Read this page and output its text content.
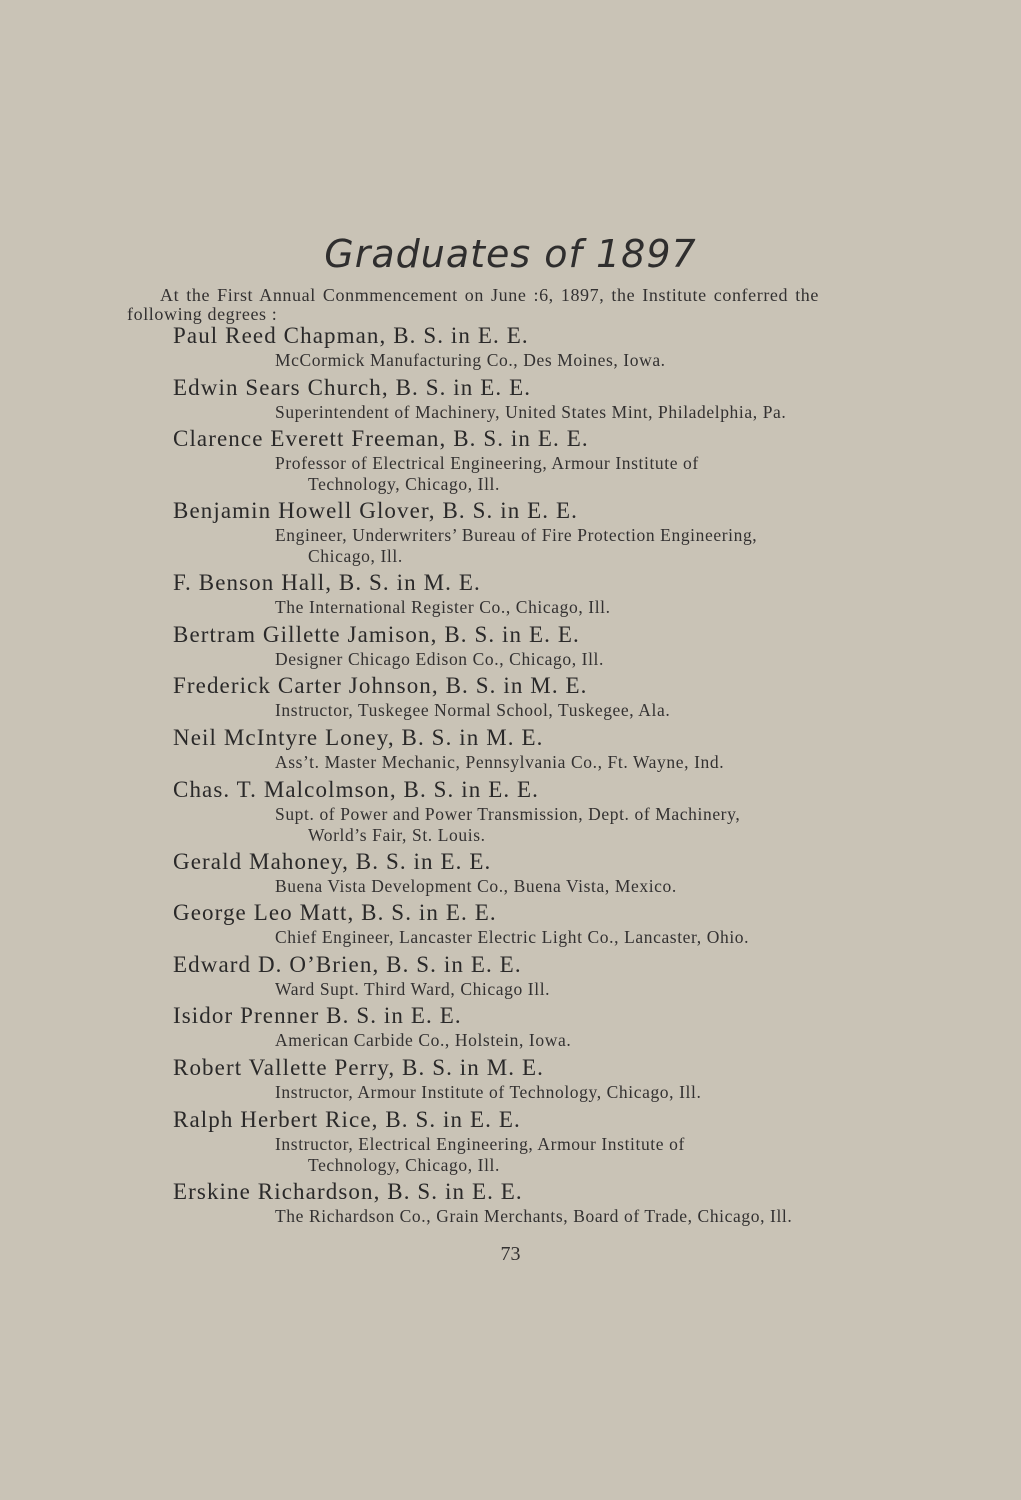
Graduates of 1897
At the First Annual Conmmencement on June :6, 1897, the Institute conferred the following degrees :
Paul Reed Chapman, B. S. in E. E.
McCormick Manufacturing Co., Des Moines, Iowa.
Edwin Sears Church, B. S. in E. E.
Superintendent of Machinery, United States Mint, Philadelphia, Pa.
Clarence Everett Freeman, B. S. in E. E.
Professor of Electrical Engineering, Armour Institute of
Technology, Chicago, Ill.
Benjamin Howell Glover, B. S. in E. E.
Engineer, Underwriters’ Bureau of Fire Protection Engineering,
Chicago, Ill.
F. Benson Hall, B. S. in M. E.
The International Register Co., Chicago, Ill.
Bertram Gillette Jamison, B. S. in E. E.
Designer Chicago Edison Co., Chicago, Ill.
Frederick Carter Johnson, B. S. in M. E.
Instructor, Tuskegee Normal School, Tuskegee, Ala.
Neil McIntyre Loney, B. S. in M. E.
Ass’t. Master Mechanic, Pennsylvania Co., Ft. Wayne, Ind.
Chas. T. Malcolmson, B. S. in E. E.
Supt. of Power and Power Transmission, Dept. of Machinery,
World’s Fair, St. Louis.
Gerald Mahoney, B. S. in E. E.
Buena Vista Development Co., Buena Vista, Mexico.
George Leo Matt, B. S. in E. E.
Chief Engineer, Lancaster Electric Light Co., Lancaster, Ohio.
Edward D. O’Brien, B. S. in E. E.
Ward Supt. Third Ward, Chicago Ill.
Isidor Prenner B. S. in E. E.
American Carbide Co., Holstein, Iowa.
Robert Vallette Perry, B. S. in M. E.
Instructor, Armour Institute of Technology, Chicago, Ill.
Ralph Herbert Rice, B. S. in E. E.
Instructor, Electrical Engineering, Armour Institute of
Technology, Chicago, Ill.
Erskine Richardson, B. S. in E. E.
The Richardson Co., Grain Merchants, Board of Trade, Chicago, Ill.
73
